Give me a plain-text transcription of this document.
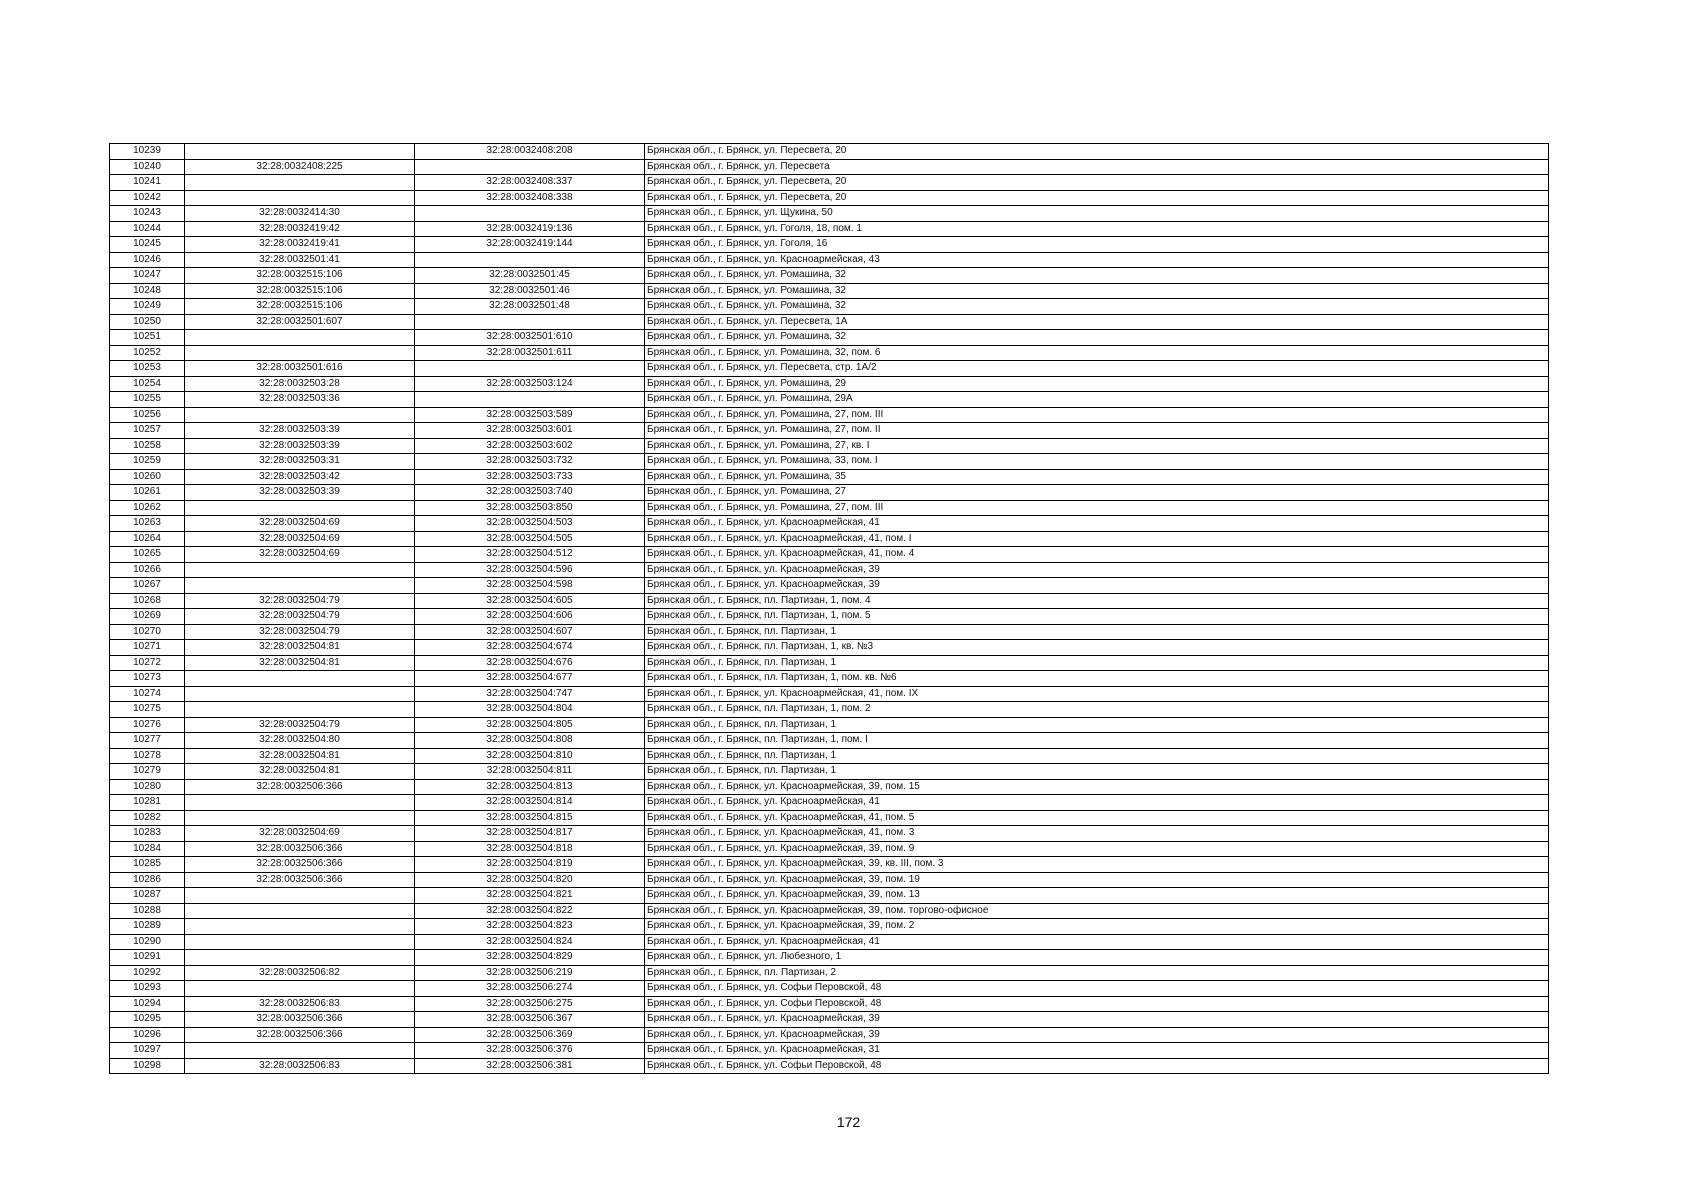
10239		32:28:0032408:208	Брянская обл., г. Брянск, ул. Пересвета, 20
10240	32:28:0032408:225		Брянская обл., г. Брянск, ул. Пересвета
10241		32:28:0032408:337	Брянская обл., г. Брянск, ул. Пересвета, 20
10242		32:28:0032408:338	Брянская обл., г. Брянск, ул. Пересвета, 20
10243	32:28:0032414:30		Брянская обл., г. Брянск, ул. Щукина, 50
10244	32:28:0032419:42	32:28:0032419:136	Брянская обл., г. Брянск, ул. Гоголя, 18, пом. 1
10245	32:28:0032419:41	32:28:0032419:144	Брянская обл., г. Брянск, ул. Гоголя, 16
10246	32:28:0032501:41		Брянская обл., г. Брянск, ул. Красноармейская, 43
10247	32:28:0032515:106	32:28:0032501:45	Брянская обл., г. Брянск, ул. Ромашина, 32
10248	32:28:0032515:106	32:28:0032501:46	Брянская обл., г. Брянск, ул. Ромашина, 32
10249	32:28:0032515:106	32:28:0032501:48	Брянская обл., г. Брянск, ул. Ромашина, 32
10250	32:28:0032501:607		Брянская обл., г. Брянск, ул. Пересвета, 1А
10251		32:28:0032501:610	Брянская обл., г. Брянск, ул. Ромашина, 32
10252		32:28:0032501:611	Брянская обл., г. Брянск, ул. Ромашина, 32, пом. 6
10253	32:28:0032501:616		Брянская обл., г. Брянск, ул. Пересвета, стр. 1А/2
10254	32:28:0032503:28	32:28:0032503:124	Брянская обл., г. Брянск, ул. Ромашина, 29
10255	32:28:0032503:36		Брянская обл., г. Брянск, ул. Ромашина, 29А
10256		32:28:0032503:589	Брянская обл., г. Брянск, ул. Ромашина, 27, пом. III
10257	32:28:0032503:39	32:28:0032503:601	Брянская обл., г. Брянск, ул. Ромашина, 27, пом. II
10258	32:28:0032503:39	32:28:0032503:602	Брянская обл., г. Брянск, ул. Ромашина, 27, кв. I
10259	32:28:0032503:31	32:28:0032503:732	Брянская обл., г. Брянск, ул. Ромашина, 33, пом. I
10260	32:28:0032503:42	32:28:0032503:733	Брянская обл., г. Брянск, ул. Ромашина, 35
10261	32:28:0032503:39	32:28:0032503:740	Брянская обл., г. Брянск, ул. Ромашина, 27
10262		32:28:0032503:850	Брянская обл., г. Брянск, ул. Ромашина, 27, пом. III
10263	32:28:0032504:69	32:28:0032504:503	Брянская обл., г. Брянск, ул. Красноармейская, 41
10264	32:28:0032504:69	32:28:0032504:505	Брянская обл., г. Брянск, ул. Красноармейская, 41, пом. I
10265	32:28:0032504:69	32:28:0032504:512	Брянская обл., г. Брянск, ул. Красноармейская, 41, пом. 4
10266		32:28:0032504:596	Брянская обл., г. Брянск, ул. Красноармейская, 39
10267		32:28:0032504:598	Брянская обл., г. Брянск, ул. Красноармейская, 39
10268	32:28:0032504:79	32:28:0032504:605	Брянская обл., г. Брянск, пл. Партизан, 1, пом. 4
10269	32:28:0032504:79	32:28:0032504:606	Брянская обл., г. Брянск, пл. Партизан, 1, пом. 5
10270	32:28:0032504:79	32:28:0032504:607	Брянская обл., г. Брянск, пл. Партизан, 1
10271	32:28:0032504:81	32:28:0032504:674	Брянская обл., г. Брянск, пл. Партизан, 1, кв. №3
10272	32:28:0032504:81	32:28:0032504:676	Брянская обл., г. Брянск, пл. Партизан, 1
10273		32:28:0032504:677	Брянская обл., г. Брянск, пл. Партизан, 1, пом. кв. №6
10274		32:28:0032504:747	Брянская обл., г. Брянск, ул. Красноармейская, 41, пом. IX
10275		32:28:0032504:804	Брянская обл., г. Брянск, пл. Партизан, 1, пом. 2
10276	32:28:0032504:79	32:28:0032504:805	Брянская обл., г. Брянск, пл. Партизан, 1
10277	32:28:0032504:80	32:28:0032504:808	Брянская обл., г. Брянск, пл. Партизан, 1, пом. I
10278	32:28:0032504:81	32:28:0032504:810	Брянская обл., г. Брянск, пл. Партизан, 1
10279	32:28:0032504:81	32:28:0032504:811	Брянская обл., г. Брянск, пл. Партизан, 1
10280	32:28:0032506:366	32:28:0032504:813	Брянская обл., г. Брянск, ул. Красноармейская, 39, пом. 15
10281		32:28:0032504:814	Брянская обл., г. Брянск, ул. Красноармейская, 41
10282		32:28:0032504:815	Брянская обл., г. Брянск, ул. Красноармейская, 41, пом. 5
10283	32:28:0032504:69	32:28:0032504:817	Брянская обл., г. Брянск, ул. Красноармейская, 41, пом. 3
10284	32:28:0032506:366	32:28:0032504:818	Брянская обл., г. Брянск, ул. Красноармейская, 39, пом. 9
10285	32:28:0032506:366	32:28:0032504:819	Брянская обл., г. Брянск, ул. Красноармейская, 39, кв. III, пом. 3
10286	32:28:0032506:366	32:28:0032504:820	Брянская обл., г. Брянск, ул. Красноармейская, 39, пом. 19
10287		32:28:0032504:821	Брянская обл., г. Брянск, ул. Красноармейская, 39, пом. 13
10288		32:28:0032504:822	Брянская обл., г. Брянск, ул. Красноармейская, 39, пом. торгово-офисное
10289		32:28:0032504:823	Брянская обл., г. Брянск, ул. Красноармейская, 39, пом. 2
10290		32:28:0032504:824	Брянская обл., г. Брянск, ул. Красноармейская, 41
10291		32:28:0032504:829	Брянская обл., г. Брянск, ул. Любезного, 1
10292	32:28:0032506:82	32:28:0032506:219	Брянская обл., г. Брянск, пл. Партизан, 2
10293		32:28:0032506:274	Брянская обл., г. Брянск, ул. Софьи Перовской, 48
10294	32:28:0032506:83	32:28:0032506:275	Брянская обл., г. Брянск, ул. Софьи Перовской, 48
10295	32:28:0032506:366	32:28:0032506:367	Брянская обл., г. Брянск, ул. Красноармейская, 39
10296	32:28:0032506:366	32:28:0032506:369	Брянская обл., г. Брянск, ул. Красноармейская, 39
10297		32:28:0032506:376	Брянская обл., г. Брянск, ул. Красноармейская, 31
10298	32:28:0032506:83	32:28:0032506:381	Брянская обл., г. Брянск, ул. Софьи Перовской, 48
172
